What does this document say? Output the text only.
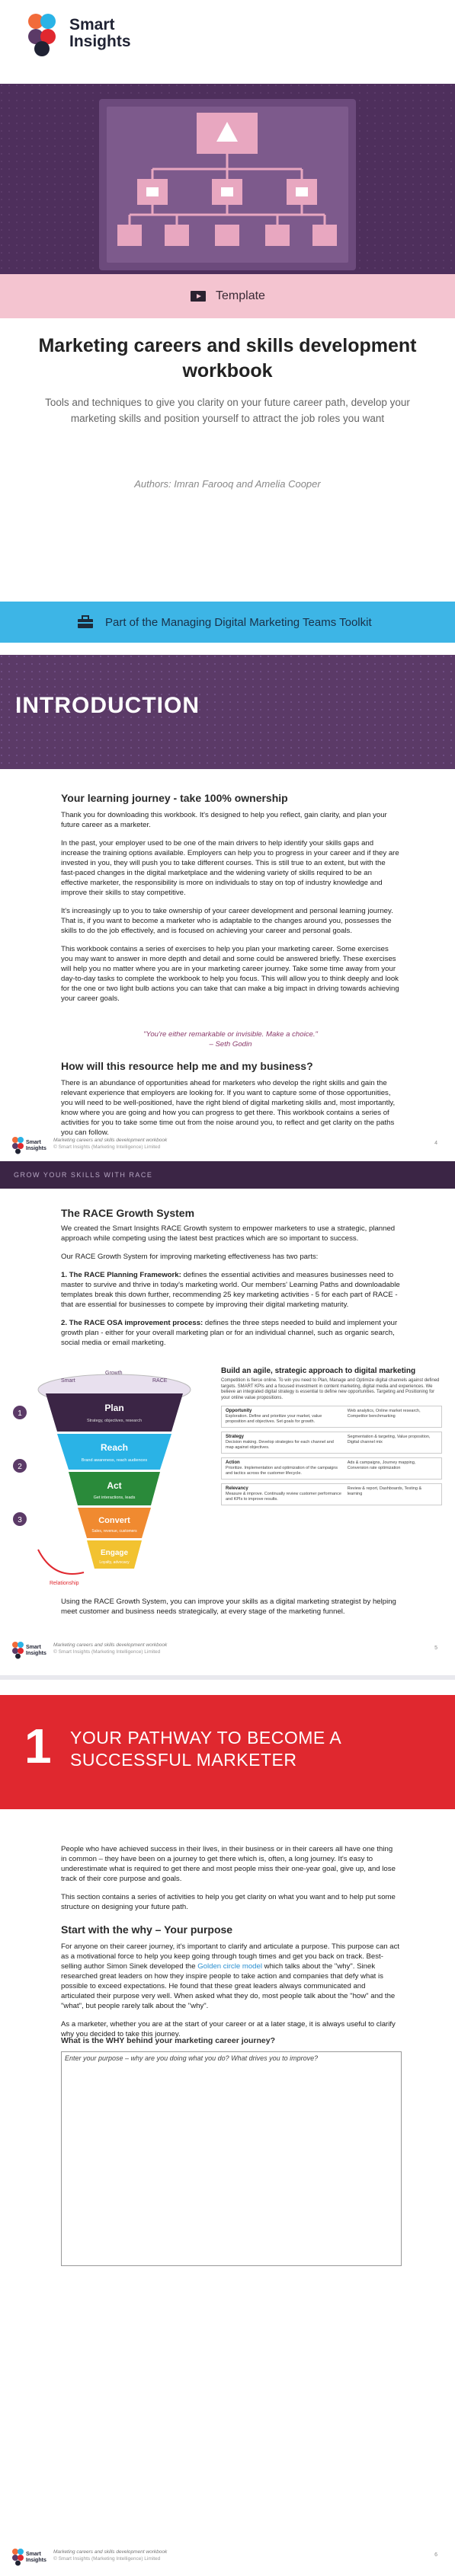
Smart
Insights
Template
Marketing careers and skills development workbook
Tools and techniques to give you clarity on your future career path, develop your marketing skills and position yourself to attract the job roles you want
Authors: Imran Farooq and Amelia Cooper
Part of the Managing Digital Marketing Teams Toolkit
INTRODUCTION
Your learning journey - take 100% ownership

Thank you for downloading this workbook. It's designed to help you reflect, gain clarity, and plan your future career as a marketer.

In the past, your employer used to be one of the main drivers to help identify your skills gaps and increase the training options available. Employers can help you to progress in your career and if they are invested in you, they will push you to take different courses. This is still true to an extent, but with the fast-paced changes in the digital marketplace and the widening variety of skills required to be an effective marketer, the responsibility is more on individuals to stay on top of industry knowledge and improve their skills to stay competitive.

It's increasingly up to you to take ownership of your career development and personal learning journey. That is, if you want to become a marketer who is adaptable to the changes around you, possesses the skills to do the job effectively, and is focused on achieving your career and personal goals.

This workbook contains a series of exercises to help you plan your marketing career. Some exercises you may want to answer in more depth and detail and some could be answered briefly. These exercises will help you no matter where you are in your marketing career journey. Take some time away from your day-to-day tasks to complete the workbook to help you focus. This will allow you to think deeply and look for the one or two light bulb actions you can take that can make a big impact in driving towards achieving your career goals.

"You're either remarkable or invisible. Make a choice."
– Seth Godin
How will this resource help me and my business?

There is an abundance of opportunities ahead for marketers who develop the right skills and gain the relevant experience that employers are looking for. If you want to capture some of those opportunities, you will need to be well-positioned, have the right blend of digital marketing skills and, most importantly, know where you are going and how you can progress to get there. This workbook contains a series of activities for you to take some time out from the noise around you, to reflect and get clarity on the paths you can follow.

Smart
Insights
Marketing careers and skills development workbook
© Smart Insights (Marketing Intelligence) Limited
4
GROW YOUR SKILLS WITH RACE
The RACE Growth System

We created the Smart Insights RACE Growth system to empower marketers to use a strategic, planned approach while competing using the latest best practices which are so important to success.

Our RACE Growth System for improving marketing effectiveness has two parts:

1. The RACE Planning Framework: defines the essential activities and measures businesses need to master to survive and thrive in today's marketing world. Our members' Learning Paths and downloadable templates break this down further, recommending 25 key marketing activities - 5 for each part of RACE - that are essential for businesses to compete by improving their digital marketing maturity.

2. The RACE OSA improvement process: defines the three steps needed to build and implement your growth plan - either for your overall marketing plan or for an individual channel, such as organic search, social media or email marketing.

1
2
3
Smart
Growth
RACE
Plan
Strategy, objectives, research
Reach
Brand awareness, reach audiences
Act
Get interactions, leads
Convert
Sales, revenue, customers
Engage
Loyalty, advocacy
Relationship
Build an agile, strategic approach to digital marketing
Competition is fierce online. To win you need to Plan, Manage and Optimize digital channels against defined targets. SMART KPIs and a focused investment in content marketing, digital media and experiences. We believe an integrated digital strategy is essential to define new opportunities. Targeting and Positioning for your online value propositions.
Opportunity
Exploration. Define and prioritize your market, value proposition and objectives. Set goals for growth.
Web analytics, Online market research, Competitor benchmarking
Strategy
Decision making. Develop strategies for each channel and map against objectives.
Segmentation & targeting, Value proposition, Digital channel mix
Action
Prioritize. Implementation and optimization of the campaigns and tactics across the customer lifecycle.
Ads & campaigns, Journey mapping, Conversion rate optimization
Relevancy
Measure & improve. Continually review customer performance and KPIs to improve results.
Review & report, Dashboards, Testing & learning

Using the RACE Growth System, you can improve your skills as a digital marketing strategist by helping meet customer and business needs strategically, at every stage of the marketing funnel.

Smart
Insights
Marketing careers and skills development workbook
© Smart Insights (Marketing Intelligence) Limited
5
1 YOUR PATHWAY TO BECOME A
SUCCESSFUL MARKETER

People who have achieved success in their lives, in their business or in their careers all have one thing in common – they have been on a journey to get there which is, often, a long journey. It's easy to underestimate what is required to get there and most people miss their one-year goal, give up, and lose track of their core purpose and goals.

This section contains a series of activities to help you get clarity on what you want and to help put some structure on designing your future path.

Start with the why – Your purpose

For anyone on their career journey, it's important to clarify and articulate a purpose. This purpose can act as a motivational force to help you keep going through tough times and get you back on track. Best-selling author Simon Sinek developed the Golden circle model which talks about the "why". Sinek researched great leaders on how they inspire people to take action and companies that defy what is possible to exceed expectations. He found that these great leaders always communicated and articulated their purpose very well. When asked what they do, most people talk about the "how" and the "what", but people rarely talk about the "why".

As a marketer, whether you are at the start of your career or at a later stage, it is always useful to clarify why you decided to take this journey.

What is the WHY behind your marketing career journey?
Enter your purpose – why are you doing what you do? What drives you to improve?
Smart
Insights
Marketing careers and skills development workbook
© Smart Insights (Marketing Intelligence) Limited
6
